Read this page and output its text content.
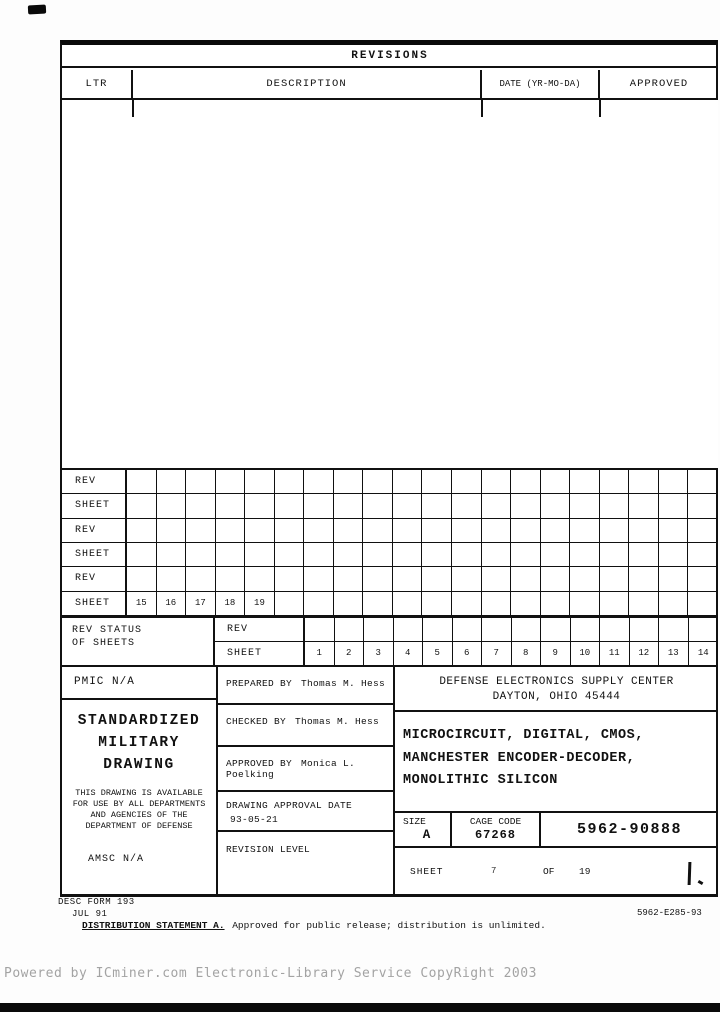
REVISIONS
LTR	DESCRIPTION	DATE (YR-MO-DA)	APPROVED
REV
SHEET
REV
SHEET
REV
SHEET	15	16	17	18	19
REV STATUS
OF SHEETS
REV
SHEET	1	2	3	4	5	6	7	8	9	10	11	12	13	14
PMIC N/A
STANDARDIZED
MILITARY
DRAWING
THIS DRAWING IS AVAILABLE
FOR USE BY ALL DEPARTMENTS
AND AGENCIES OF THE
DEPARTMENT OF DEFENSE
AMSC N/A
PREPARED BY Thomas M. Hess
CHECKED BY Thomas M. Hess
APPROVED BY Monica L. Poelking
DRAWING APPROVAL DATE
93-05-21
REVISION LEVEL
DEFENSE ELECTRONICS SUPPLY CENTER
DAYTON, OHIO 45444
MICROCIRCUIT, DIGITAL, CMOS,
MANCHESTER ENCODER-DECODER,
MONOLITHIC SILICON
SIZE
A
CAGE CODE
67268	5962-90888
SHEET	7	OF	19
DESC FORM 193
JUL 91
DISTRIBUTION STATEMENT A. Approved for public release; distribution is unlimited.
5962-E285-93
Powered by ICminer.com Electronic-Library Service CopyRight 2003
